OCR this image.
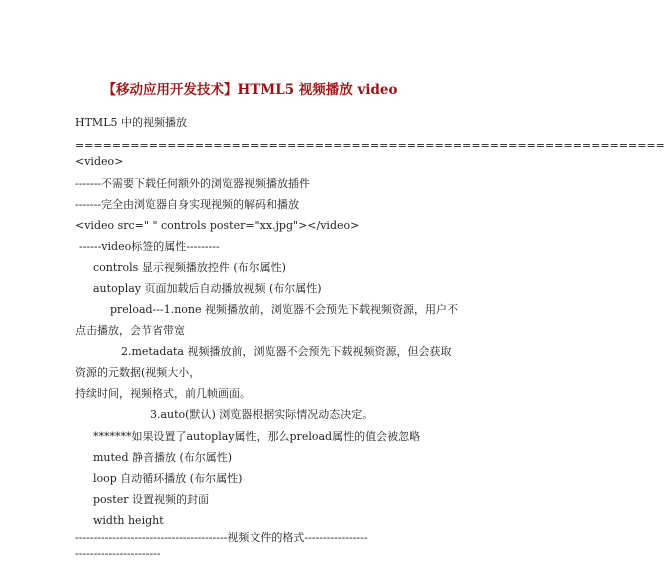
【移动应用开发技术】HTML5 视频播放 video
HTML5 中的视频播放
================================================================
<video>
-------不需要下载任何额外的浏览器视频播放插件
-------完全由浏览器自身实现视频的解码和播放
<video src=" " controls poster="xx.jpg"></video>
------video标签的属性---------
controls 显示视频播放控件 (布尔属性)
autoplay 页面加载后自动播放视频 (布尔属性)
preload---1.none 视频播放前，浏览器不会预先下载视频资源，用户不
点击播放，会节省带宽
2.metadata 视频播放前，浏览器不会预先下载视频资源，但会获取
资源的元数据(视频大小，
持续时间，视频格式，前几帧画面。
3.auto(默认) 浏览器根据实际情况动态决定。
*******如果设置了autoplay属性，那么preload属性的值会被忽略
muted 静音播放 (布尔属性)
loop 自动循环播放 (布尔属性)
poster 设置视频的封面
width height
-----------------------------------------视频文件的格式-----------------
-----------------------
